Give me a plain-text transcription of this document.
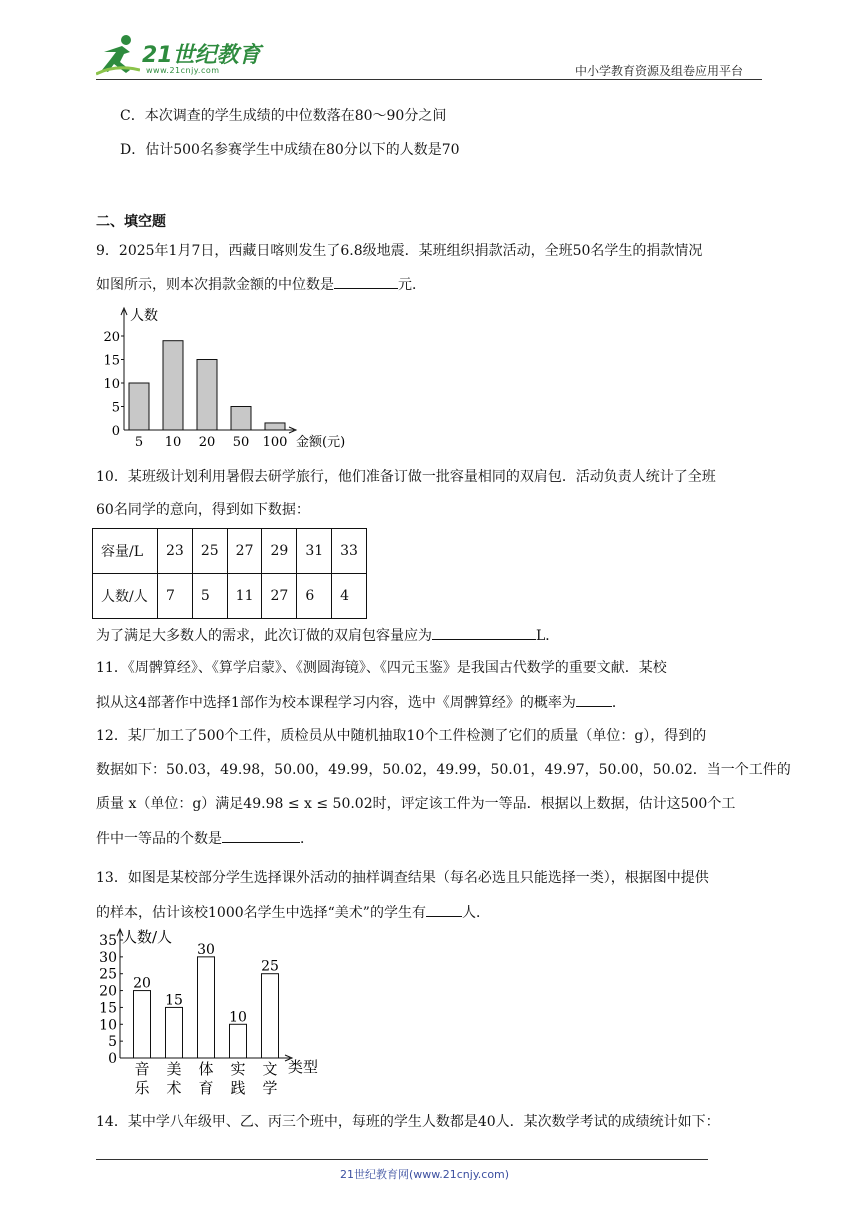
21世纪教育
www.21cnjy.com	中小学教育资源及组卷应用平台
C．本次调查的学生成绩的中位数落在80～90分之间
D．估计500名参赛学生中成绩在80分以下的人数是70
二、填空题
9．2025年1月7日，西藏日喀则发生了6.8级地震．某班组织捐款活动，全班50名学生的捐款情况
如图所示，则本次捐款金额的中位数是	元．
人数
金额(元)
0
5
10
15
20
5 10 20 50 100
10．某班级计划利用暑假去研学旅行，他们准备订做一批容量相同的双肩包．活动负责人统计了全班
60名同学的意向，得到如下数据：
容量/L	23	25	27	29	31	33
人数/人	7	5	11	27	6	4
为了满足大多数人的需求，此次订做的双肩包容量应为	L．
11．《周髀算经》、《算学启蒙》、《测圆海镜》、《四元玉鉴》是我国古代数学的重要文献．某校
拟从这4部著作中选择1部作为校本课程学习内容，选中《周髀算经》的概率为	．
12．某厂加工了500个工件，质检员从中随机抽取10个工件检测了它们的质量（单位：g），得到的
数据如下：50.03，49.98，50.00，49.99，50.02，49.99，50.01，49.97，50.00，50.02．当一个工件的
质量 x（单位：g）满足49.98 ≤ x ≤ 50.02时，评定该工件为一等品．根据以上数据，估计这500个工
件中一等品的个数是	．
13．如图是某校部分学生选择课外活动的抽样调查结果（每名必选且只能选择一类），根据图中提供
的样本，估计该校1000名学生中选择“美术”的学生有	人．
人数/人
类型
0
5
10
15
20
25
30
35
20
音
乐
15
美
术
30
体
育
10
实
践
25
文
学
14．某中学八年级甲、乙、丙三个班中，每班的学生人数都是40人．某次数学考试的成绩统计如下：
21世纪教育网(www.21cnjy.com)
